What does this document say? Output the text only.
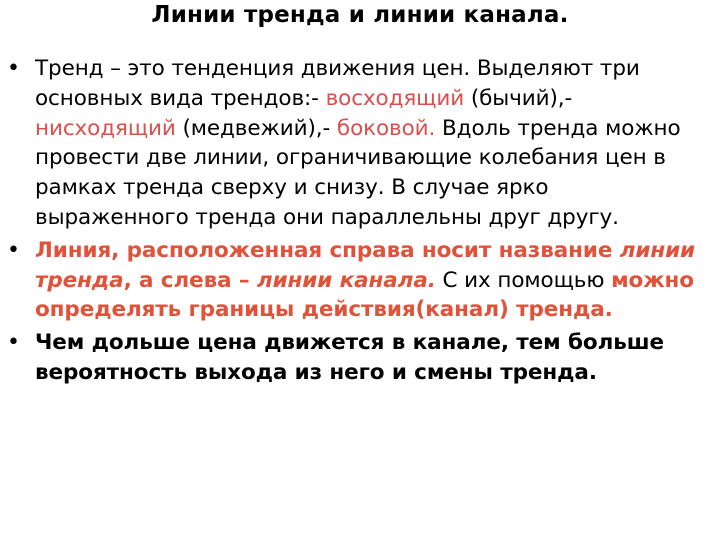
Линии тренда и линии канала.
• Тренд – это тенденция движения цен. Выделяют три основных вида трендов:- восходящий (бычий),- нисходящий (медвежий),- боковой. Вдоль тренда можно провести две линии, ограничивающие колебания цен в рамках тренда сверху и снизу. В случае ярко выраженного тренда они параллельны друг другу.
• Линия, расположенная справа носит название линии тренда, а слева – линии канала. С их помощью можно определять границы действия(канал) тренда.
• Чем дольше цена движется в канале, тем больше вероятность выхода из него и смены тренда.
